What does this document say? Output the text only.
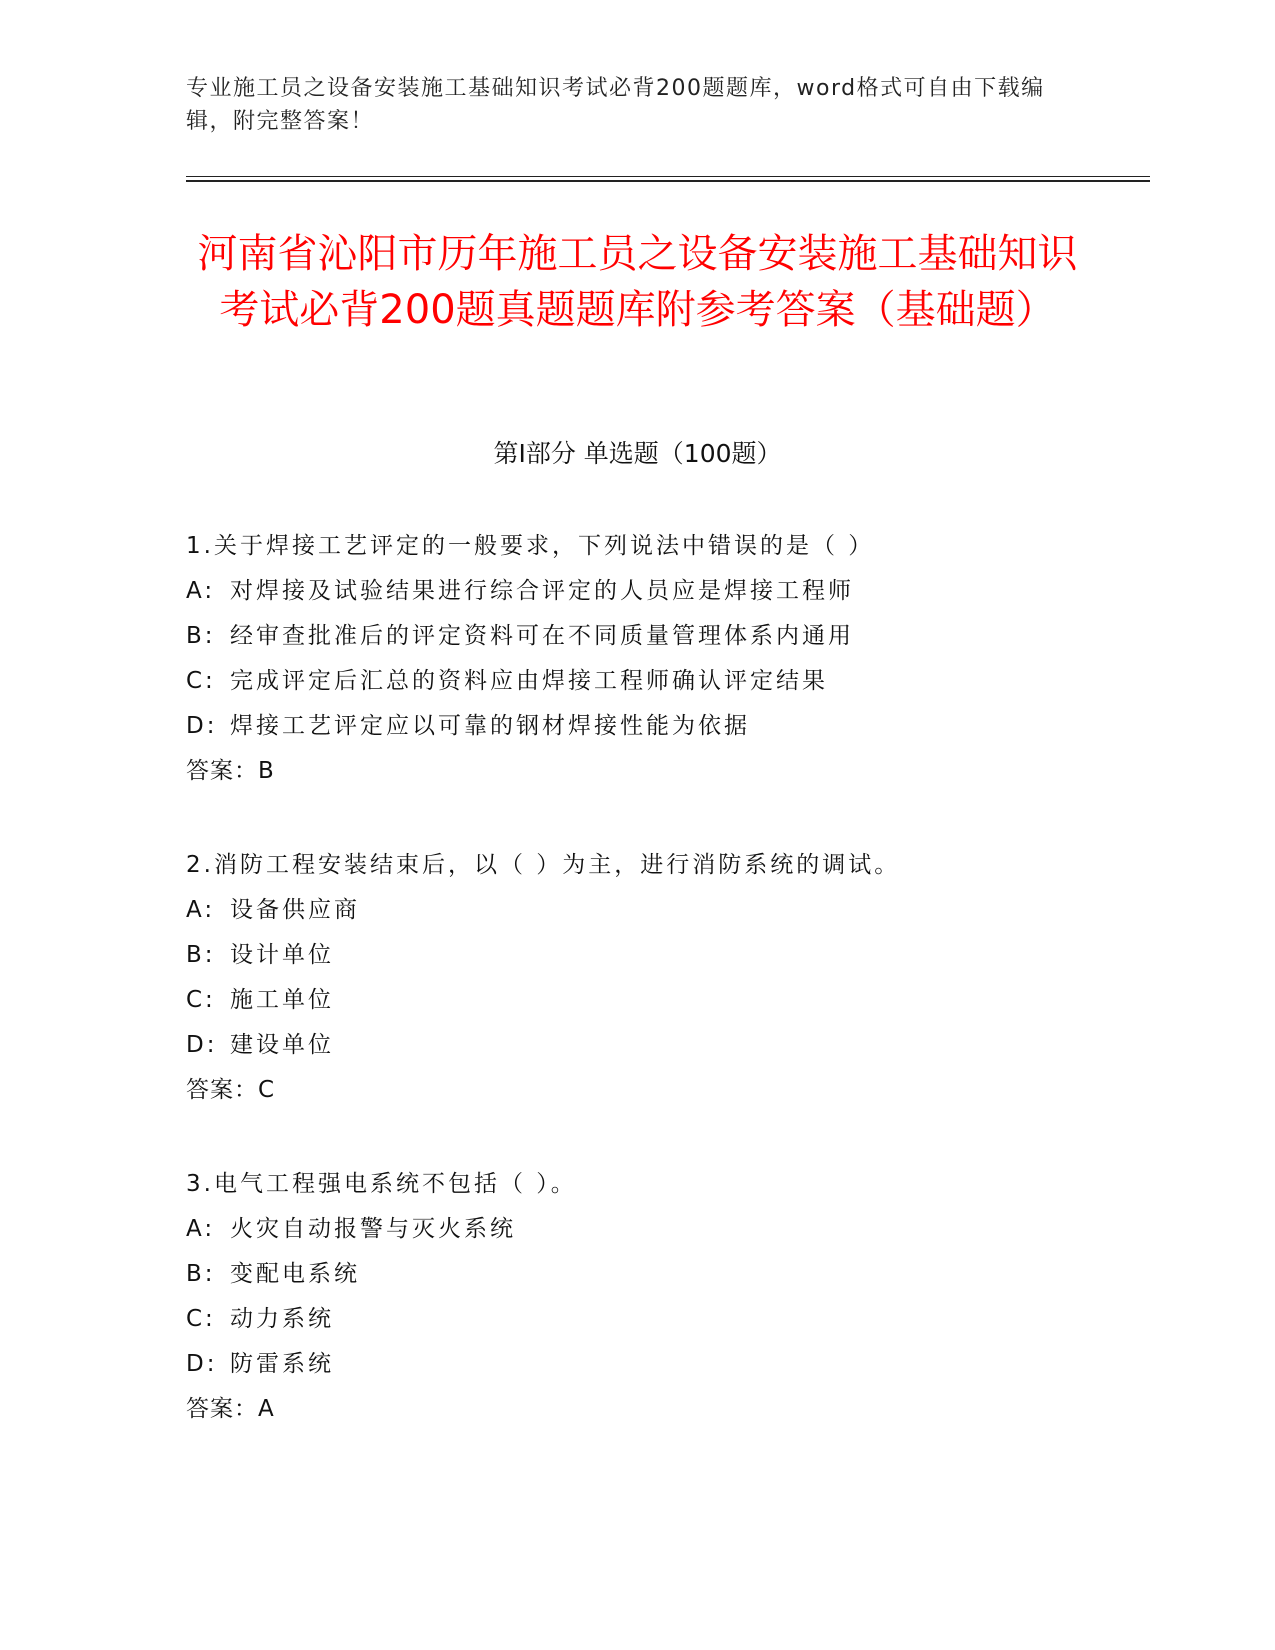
专业施工员之设备安装施工基础知识考试必背200题题库，word格式可自由下载编辑，附完整答案！
河南省沁阳市历年施工员之设备安装施工基础知识考试必背200题真题题库附参考答案（基础题）
第Ⅰ部分 单选题（100题）
1.关于焊接工艺评定的一般要求，下列说法中错误的是（ ）
A: 对焊接及试验结果进行综合评定的人员应是焊接工程师
B: 经审查批准后的评定资料可在不同质量管理体系内通用
C: 完成评定后汇总的资料应由焊接工程师确认评定结果
D: 焊接工艺评定应以可靠的钢材焊接性能为依据
答案：B
2.消防工程安装结束后，以（ ）为主，进行消防系统的调试。
A: 设备供应商
B: 设计单位
C: 施工单位
D: 建设单位
答案：C
3.电气工程强电系统不包括（ ）。
A: 火灾自动报警与灭火系统
B: 变配电系统
C: 动力系统
D: 防雷系统
答案：A
